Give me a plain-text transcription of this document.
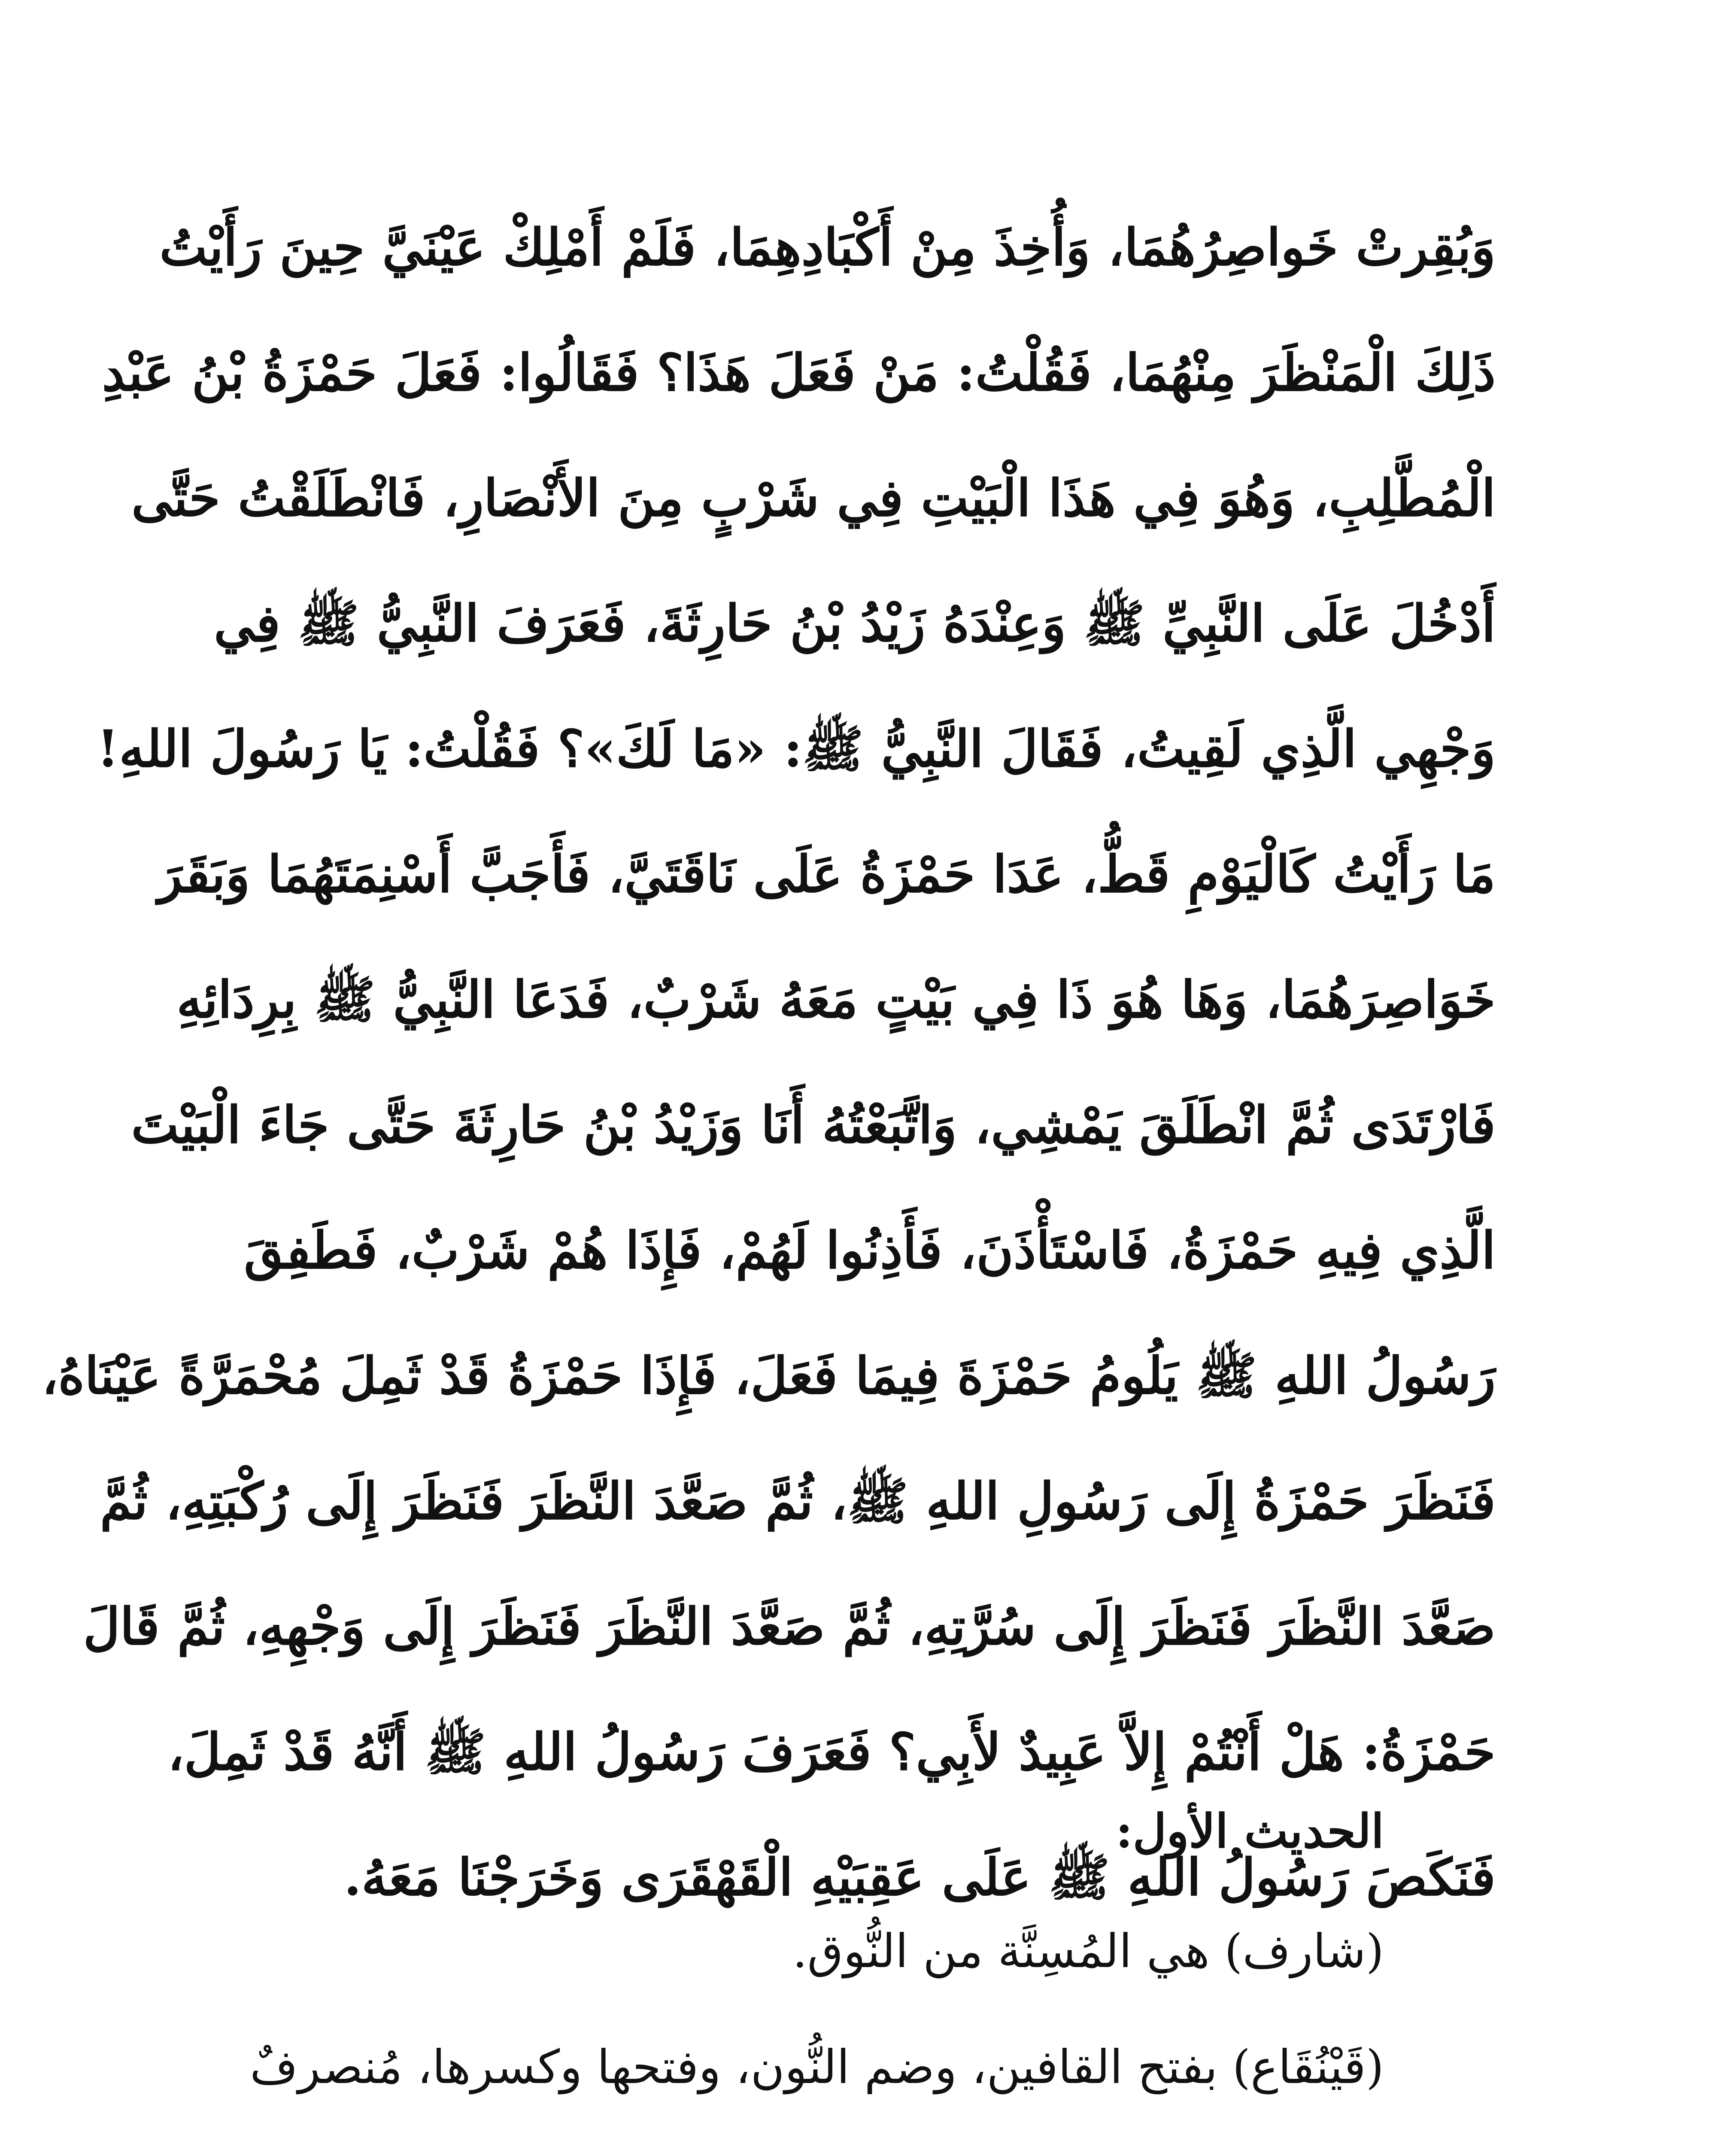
وَبُقِرتْ خَواصِرُهُمَا، وَأُخِذَ مِنْ أَكْبَادِهِمَا، فَلَمْ أَمْلِكْ عَيْنَيَّ حِينَ رَأَيْتُ
ذَلِكَ الْمَنْظَرَ مِنْهُمَا، فَقُلْتُ: مَنْ فَعَلَ هَذَا؟ فَقَالُوا: فَعَلَ حَمْزَةُ بْنُ عَبْدِ
الْمُطَّلِبِ، وَهُوَ فِي هَذَا الْبَيْتِ فِي شَرْبٍ مِنَ الأَنْصَارِ، فَانْطَلَقْتُ حَتَّى
أَدْخُلَ عَلَى النَّبِيِّ ﷺ وَعِنْدَهُ زَيْدُ بْنُ حَارِثَةَ، فَعَرَفَ النَّبِيُّ ﷺ فِي
وَجْهِي الَّذِي لَقِيتُ، فَقَالَ النَّبِيُّ ﷺ: «مَا لَكَ»؟ فَقُلْتُ: يَا رَسُولَ اللهِ!
مَا رَأَيْتُ كَالْيَوْمِ قَطُّ، عَدَا حَمْزَةُ عَلَى نَاقَتَيَّ، فَأَجَبَّ أَسْنِمَتَهُمَا وَبَقَرَ
خَوَاصِرَهُمَا، وَهَا هُوَ ذَا فِي بَيْتٍ مَعَهُ شَرْبٌ، فَدَعَا النَّبِيُّ ﷺ بِرِدَائِهِ
فَارْتَدَى ثُمَّ انْطَلَقَ يَمْشِي، وَاتَّبَعْتُهُ أَنَا وَزَيْدُ بْنُ حَارِثَةَ حَتَّى جَاءَ الْبَيْتَ
الَّذِي فِيهِ حَمْزَةُ، فَاسْتَأْذَنَ، فَأَذِنُوا لَهُمْ، فَإِذَا هُمْ شَرْبٌ، فَطَفِقَ
رَسُولُ اللهِ ﷺ يَلُومُ حَمْزَةَ فِيمَا فَعَلَ، فَإِذَا حَمْزَةُ قَدْ ثَمِلَ مُحْمَرَّةً عَيْنَاهُ،
فَنَظَرَ حَمْزَةُ إِلَى رَسُولِ اللهِ ﷺ، ثُمَّ صَعَّدَ النَّظَرَ فَنَظَرَ إِلَى رُكْبَتِهِ، ثُمَّ
صَعَّدَ النَّظَرَ فَنَظَرَ إِلَى سُرَّتِهِ، ثُمَّ صَعَّدَ النَّظَرَ فَنَظَرَ إِلَى وَجْهِهِ، ثُمَّ قَالَ
حَمْزَةُ: هَلْ أَنْتُمْ إِلاَّ عَبِيدٌ لأَبِي؟ فَعَرَفَ رَسُولُ اللهِ ﷺ أَنَّهُ قَدْ ثَمِلَ،
فَنَكَصَ رَسُولُ اللهِ ﷺ عَلَى عَقِبَيْهِ الْقَهْقَرَى وَخَرَجْنَا مَعَهُ.
الحديث الأول:
(شارف) هي المُسِنَّة من النُّوق.
(قَيْنُقَاع) بفتح القافين، وضم النُّون، وفتحها وكسرها، مُنصرفٌ
